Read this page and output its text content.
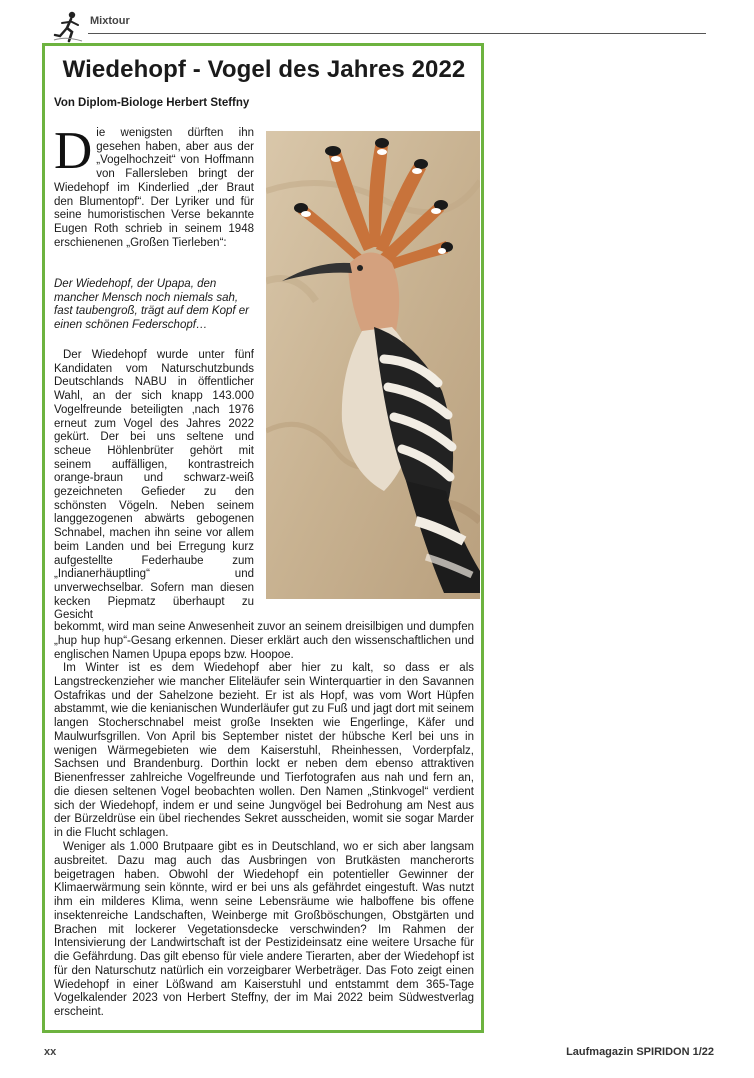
Mixtour
Wiedehopf - Vogel des Jahres 2022
Von Diplom-Biologe Herbert Steffny

Die wenigsten dürften ihn gesehen haben, aber aus der „Vogelhochzeit“ von Hoffmann von Fallersleben bringt der Wiedehopf im Kinderlied „der Braut den Blumentopf“. Der Lyriker und für seine humoristischen Verse bekannte Eugen Roth schrieb in seinem 1948 erschienenen „Großen Tierleben“:

Der Wiedehopf, der Upapa, den mancher Mensch noch niemals sah, fast taubengroß, trägt auf dem Kopf er einen schönen Federschopf…

Der Wiedehopf wurde unter fünf Kandidaten vom Naturschutzbunds Deutschlands NABU in öffentlicher Wahl, an der sich knapp 143.000 Vogelfreunde beteiligten ‚nach 1976 erneut zum Vogel des Jahres 2022 gekürt. Der bei uns seltene und scheue Höhlenbrüter gehört mit seinem auffälligen, kontrastreich orange-braun und schwarz-weiß gezeichneten Gefieder zu den schönsten Vögeln. Neben seinem langgezogenen abwärts gebogenen Schnabel, machen ihn seine vor allem beim Landen und bei Erregung kurz aufgestellte Federhaube zum „Indianerhäuptling“ und unverwechselbar. Sofern man diesen kecken Piepmatz überhaupt zu Gesicht

bekommt, wird man seine Anwesenheit zuvor an seinem dreisilbigen und dumpfen „hup hup hup“-Gesang erkennen. Dieser erklärt auch den wissenschaftlichen und englischen Namen Upupa epops bzw. Hoopoe.

Im Winter ist es dem Wiedehopf aber hier zu kalt, so dass er als Langstreckenzieher wie mancher Eliteläufer sein Winterquartier in den Savannen Ostafrikas und der Sahelzone bezieht. Er ist als Hopf, was vom Wort Hüpfen abstammt, wie die kenianischen Wunderläufer gut zu Fuß und jagt dort mit seinem langen Stocherschnabel meist große Insekten wie Engerlinge, Käfer und Maulwurfsgrillen. Von April bis September nistet der hübsche Kerl bei uns in wenigen Wärmegebieten wie dem Kaiserstuhl, Rheinhessen, Vorderpfalz, Sachsen und Brandenburg. Dorthin lockt er neben dem ebenso attraktiven Bienenfresser zahlreiche Vogelfreunde und Tierfotografen aus nah und fern an, die diesen seltenen Vogel beobachten wollen. Den Namen „Stinkvogel“ verdient sich der Wiedehopf, indem er und seine Jungvögel bei Bedrohung am Nest aus der Bürzeldrüse ein übel riechendes Sekret ausscheiden, womit sie sogar Marder in die Flucht schlagen.

Weniger als 1.000 Brutpaare gibt es in Deutschland, wo er sich aber langsam ausbreitet. Dazu mag auch das Ausbringen von Brutkästen mancherorts beigetragen haben. Obwohl der Wiedehopf ein potentieller Gewinner der Klimaerwärmung sein könnte, wird er bei uns als gefährdet eingestuft. Was nutzt ihm ein milderes Klima, wenn seine Lebensräume wie halboffene bis offene insektenreiche Landschaften, Weinberge mit Großböschungen, Obstgärten und Brachen mit lockerer Vegetationsdecke verschwinden? Im Rahmen der Intensivierung der Landwirtschaft ist der Pestizideinsatz eine weitere Ursache für die Gefährdung. Das gilt ebenso für viele andere Tierarten, aber der Wiedehopf ist für den Naturschutz natürlich ein vorzeigbarer Werbeträger. Das Foto zeigt einen Wiedehopf in einer Lößwand am Kaiserstuhl und entstammt dem 365-Tage Vogelkalender 2023 von Herbert Steffny, der im Mai 2022 beim Südwestverlag erscheint.

xx	Laufmagazin SPIRIDON 1/22
